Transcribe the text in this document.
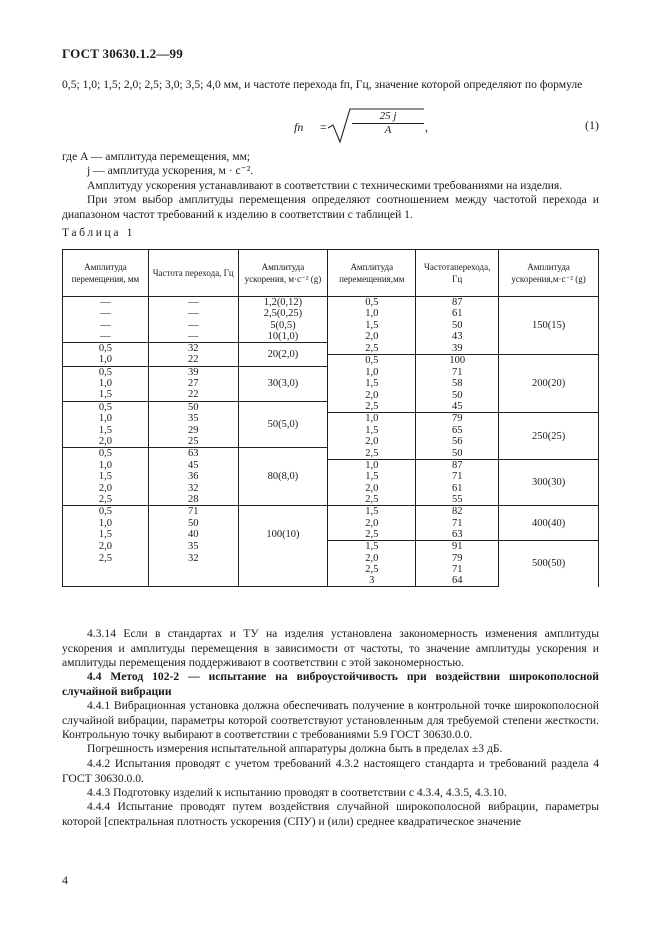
ГОСТ 30630.1.2—99
0,5; 1,0; 1,5; 2,0; 2,5; 3,0; 3,5; 4,0 мм, и частоте перехода fп, Гц, значение которой определяют по формуле
fп = $\frac{25 j}{A}$ ,	(1)
где A — амплитуда перемещения, мм;
j — амплитуда ускорения, м · с⁻².
Амплитуду ускорения устанавливают в соответствии с техническими требованиями на изделия.
При этом выбор амплитуды перемещения определяют соотношением между частотой перехода и диапазоном частот требований к изделию в соответствии с таблицей 1.
Таблица 1
Амплитуда перемещения, мм	Частота перехода, Гц	Амплитуда ускорения, м·с⁻² (g)	Амплитуда перемещения,мм	Частотаперехода, Гц	Амплитуда ускорения,м·с⁻² (g)
—	—	1,2(0,12)	0,5	87	150(15)
—	—	2,5(0,25)	1,0	61	
—	—	5(0,5)	1,5	50	
—	—	10(1,0)	2,0	43	
0,5	32	20(2,0)	2,5	39	
1,0	22		0,5	100	200(20)
0,5	39	30(3,0)	1,0	71	
1,0	27		1,5	58	
1,5	22		2,0	50	
0,5	50	50(5,0)	2,5	45	
1,0	35		1,0	79	250(25)
1,5	29		1,5	65	
2,0	25		2,0	56	
0,5	63	80(8,0)	2,5	50	
1,0	45		1,0	87	300(30)
1,5	36		1,5	71	
2,0	32		2,0	61	
2,5	28		2,5	55	
0,5	71	100(10)	1,5	82	400(40)
1,0	50		2,0	71	
1,5	40		2,5	63	
2,0	35		1,5	91	500(50)
2,5	32		2,0	79	
			2,5	71	
			3	64	
4.3.14 Если в стандартах и ТУ на изделия установлена закономерность изменения амплитуды ускорения и амплитуды перемещения в зависимости от частоты, то значение амплитуды ускорения и амплитуды перемещения поддерживают в соответствии с этой закономерностью.
4.4 Метод 102-2 — испытание на виброустойчивость при воздействии широкополосной случайной вибрации
4.4.1 Вибрационная установка должна обеспечивать получение в контрольной точке широкополосной случайной вибрации, параметры которой соответствуют установленным для требуемой степени жесткости. Контрольную точку выбирают в соответствии с требованиями 5.9 ГОСТ 30630.0.0.
Погрешность измерения испытательной аппаратуры должна быть в пределах ±3 дБ.
4.4.2 Испытания проводят с учетом требований 4.3.2 настоящего стандарта и требований раздела 4 ГОСТ 30630.0.0.
4.4.3 Подготовку изделий к испытанию проводят в соответствии с 4.3.4, 4.3.5, 4.3.10.
4.4.4 Испытание проводят путем воздействия случайной широкополосной вибрации, параметры которой [спектральная плотность ускорения (СПУ) и (или) среднее квадратическое значение
4
